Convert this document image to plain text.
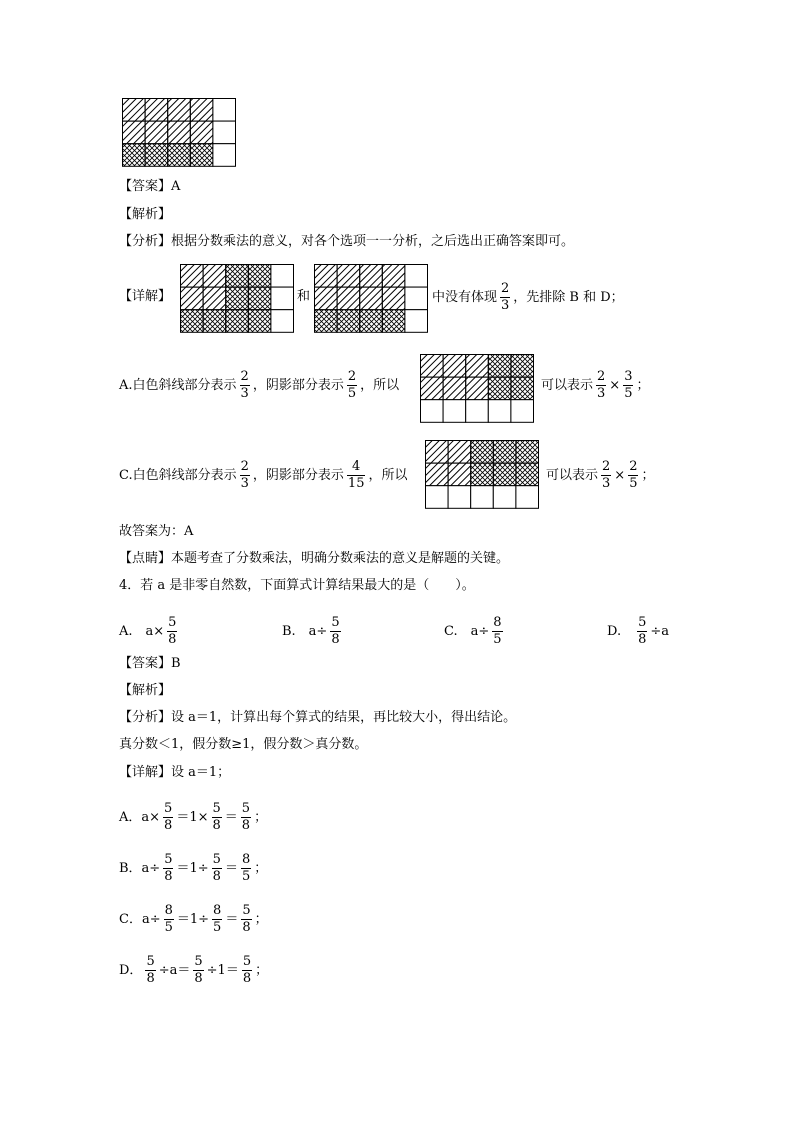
【答案】 A
【解析】
【分析】 根据分数乘法的意义，对各个选项一一分析，之后选出正确答案即可。
【详解】	和	中没有体现 $\frac{2}{3}$ ，先排除 B 和 D；
A.白色斜线部分表示 $\frac{2}{3}$ ，阴影部分表示 $\frac{2}{5}$ ，所以	可以表示 $\frac{2}{3} \times \frac{3}{5}$ ；
C.白色斜线部分表示 $\frac{2}{3}$ ，阴影部分表示 $\frac{4}{15}$ ，所以	可以表示 $\frac{2}{3} \times \frac{2}{5}$ ；
故答案为：A
【点睛】 本题考查了分数乘法，明确分数乘法的意义是解题的关键。
4．若 a 是非零自然数，下面算式计算结果最大的是（　　）。
A.　$a\times \frac{5}{8}$	B.　$a\div \frac{5}{8}$	C.　$a\div \frac{8}{5}$	D.　 $\frac{5}{8} \div a$
【答案】 B
【解析】
【分析】 设 a＝1，计算出每个算式的结果，再比较大小，得出结论。
真分数＜1，假分数≥1，假分数＞真分数。
【详解】 设 a＝1；
A．$a\times \frac{5}{8} =1\times \frac{5}{8} = \frac{5}{8}$ ；
B．$a\div \frac{5}{8} =1\div \frac{5}{8} = \frac{8}{5}$ ；
C．$a\div \frac{8}{5} =1\div \frac{8}{5} = \frac{5}{8}$ ；
D． $\frac{5}{8} \div a= \frac{5}{8} \div 1= \frac{5}{8}$ ；
